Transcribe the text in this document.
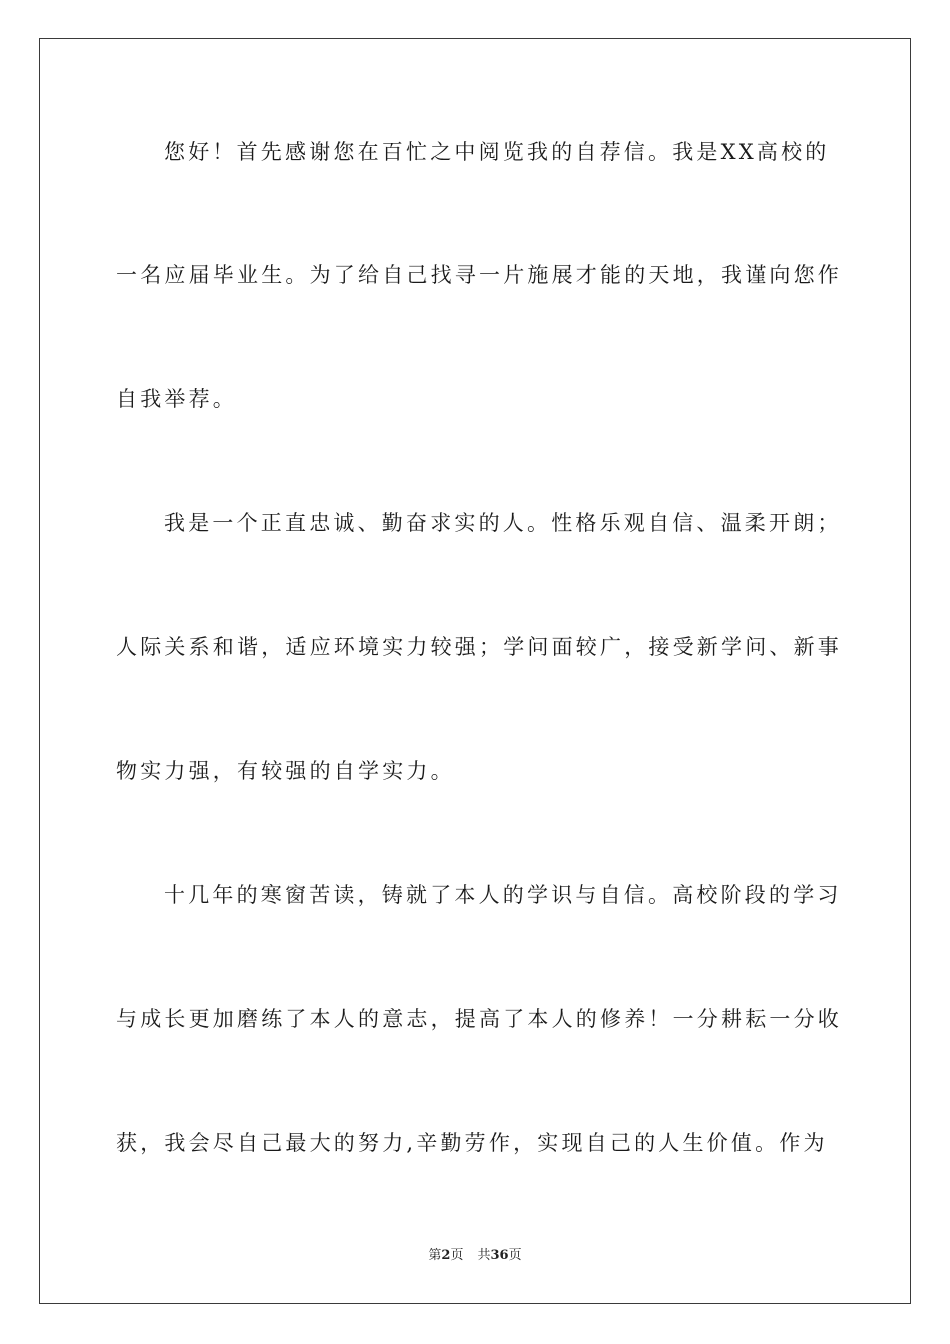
您好！首先感谢您在百忙之中阅览我的自荐信。我是XX高校的
一名应届毕业生。为了给自己找寻一片施展才能的天地，我谨向您作
自我举荐。
我是一个正直忠诚、勤奋求实的人。性格乐观自信、温柔开朗；
人际关系和谐，适应环境实力较强；学问面较广，接受新学问、新事
物实力强，有较强的自学实力。
十几年的寒窗苦读，铸就了本人的学识与自信。高校阶段的学习
与成长更加磨练了本人的意志，提高了本人的修养！一分耕耘一分收
获，我会尽自己最大的努力,辛勤劳作，实现自己的人生价值。作为
第2页 共36页
